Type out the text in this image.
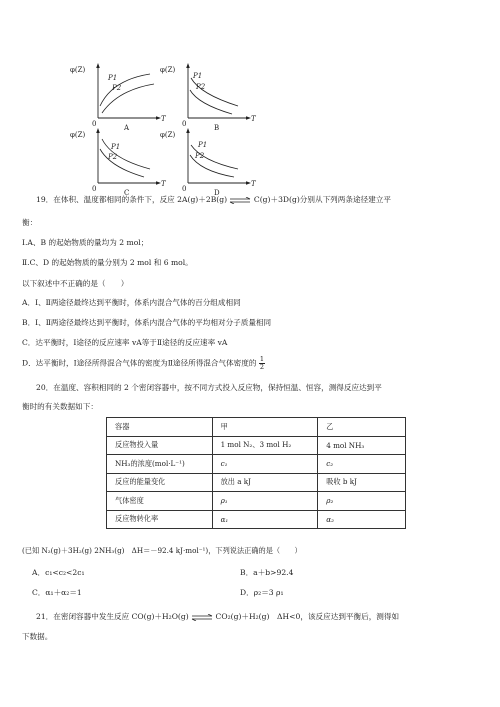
φ(Z)
T
0
P1
P2
A
φ(Z)
T
0
P1
P2
B
φ(Z)
T
0
P1
P2
C
φ(Z)
T
0
P1
P2
D
19．在体积、温度都相同的条件下，反应 2A(g)＋2B(g) ⇌ C(g)＋3D(g)分别从下列两条途径建立平
衡：
Ⅰ.A、B 的起始物质的量均为 2 mol；
Ⅱ.C、D 的起始物质的量分别为 2 mol 和 6 mol。
以下叙述中不正确的是（　　）
A．Ⅰ、Ⅱ两途径最终达到平衡时，体系内混合气体的百分组成相同
B．Ⅰ、Ⅱ两途径最终达到平衡时，体系内混合气体的平均相对分子质量相同
C．达平衡时，Ⅰ途径的反应速率 vA等于Ⅱ途径的反应速率 vA
D．达平衡时，Ⅰ途径所得混合气体的密度为Ⅱ途径所得混合气体密度的 $\frac{1}{2}$
20．在温度、容积相同的 2 个密闭容器中，按不同方式投入反应物，保持恒温、恒容，测得反应达到平
衡时的有关数据如下：
容器	甲	乙
反应物投入量	1 mol N₂、3 mol H₂	4 mol NH₃
NH₃的浓度(mol·L⁻¹)	c₁	c₂
反应的能量变化	放出 a kJ	吸收 b kJ
气体密度	ρ₁	ρ₂
反应物转化率	α₁	α₂
(已知 N₂(g)＋3H₂(g) 2NH₃(g)　ΔH＝－92.4 kJ·mol⁻¹)，下列说法正确的是（　　）
A．c₁<c₂<2c₁	B．a＋b>92.4
C．α₁＋α₂＝1	D．ρ₂＝3 ρ₁
21．在密闭容器中发生反应 CO(g)＋H₂O(g) ⇌ CO₂(g)＋H₂(g)　ΔH<0，该反应达到平衡后，测得如
下数据。
